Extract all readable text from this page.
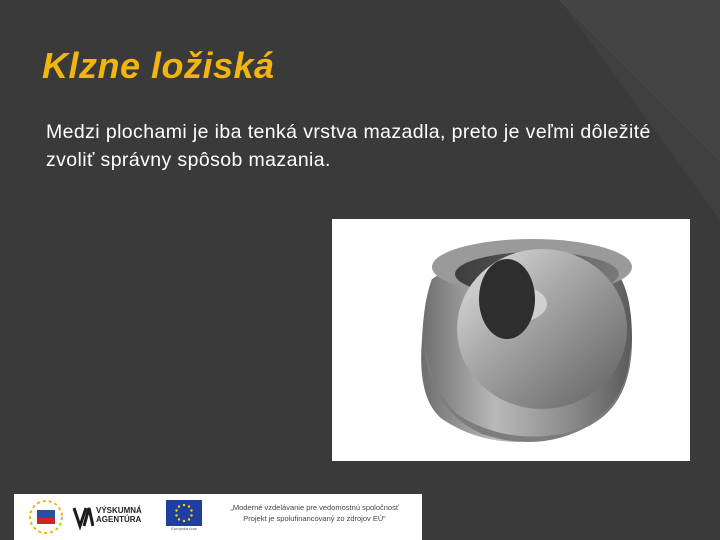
Klzne ložiská
Medzi plochami je iba tenká vrstva mazadla, preto je veľmi dôležité zvoliť správny spôsob mazania.
VÝSKUMNÁ
AGENTÚRA
Európska únia
„Moderné vzdelávanie pre vedomostnú spoločnosť
Projekt je spolufinancovaný zo zdrojov EÚ“
